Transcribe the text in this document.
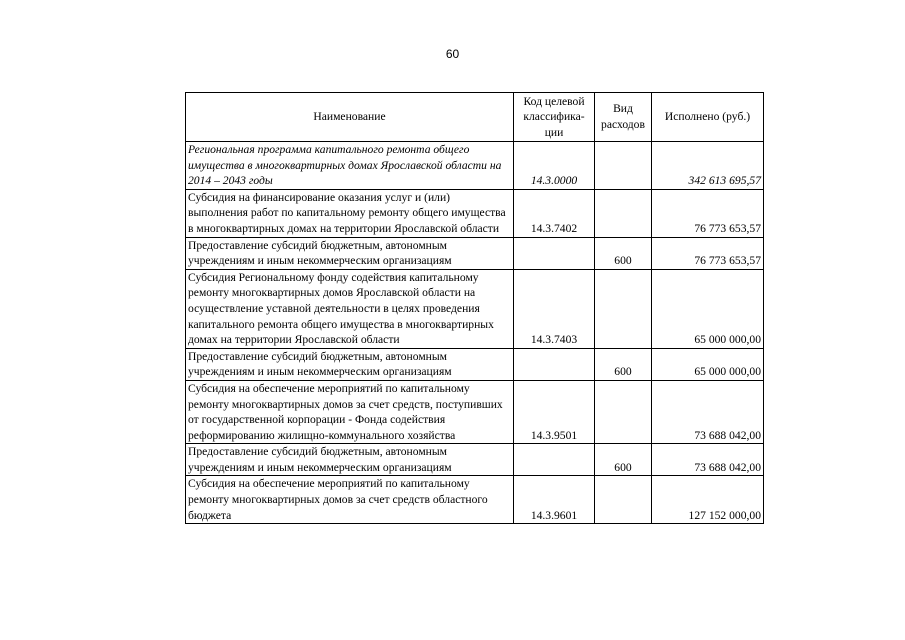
60
Наименование	Код целевой классифика-ции	Вид расходов	Исполнено (руб.)
Региональная программа капитального ремонта общего имущества в многоквартирных домах Ярославской области на 2014 – 2043 годы	14.3.0000		342 613 695,57
Субсидия на финансирование оказания услуг и (или) выполнения работ по капитальному ремонту общего имущества в многоквартирных домах на территории Ярославской области	14.3.7402		76 773 653,57
Предоставление субсидий бюджетным, автономным учреждениям и иным некоммерческим организациям		600	76 773 653,57
Субсидия Региональному фонду содействия капитальному ремонту многоквартирных домов Ярославской области на осуществление уставной деятельности в целях проведения капитального ремонта общего имущества в многоквартирных домах на территории Ярославской области	14.3.7403		65 000 000,00
Предоставление субсидий бюджетным, автономным учреждениям и иным некоммерческим организациям		600	65 000 000,00
Субсидия на обеспечение мероприятий по капитальному ремонту многоквартирных домов за счет средств, поступивших от государственной корпорации - Фонда содействия реформированию жилищно-коммунального хозяйства	14.3.9501		73 688 042,00
Предоставление субсидий бюджетным, автономным учреждениям и иным некоммерческим организациям		600	73 688 042,00
Субсидия на обеспечение мероприятий по капитальному ремонту многоквартирных домов за счет средств областного бюджета	14.3.9601		127 152 000,00
